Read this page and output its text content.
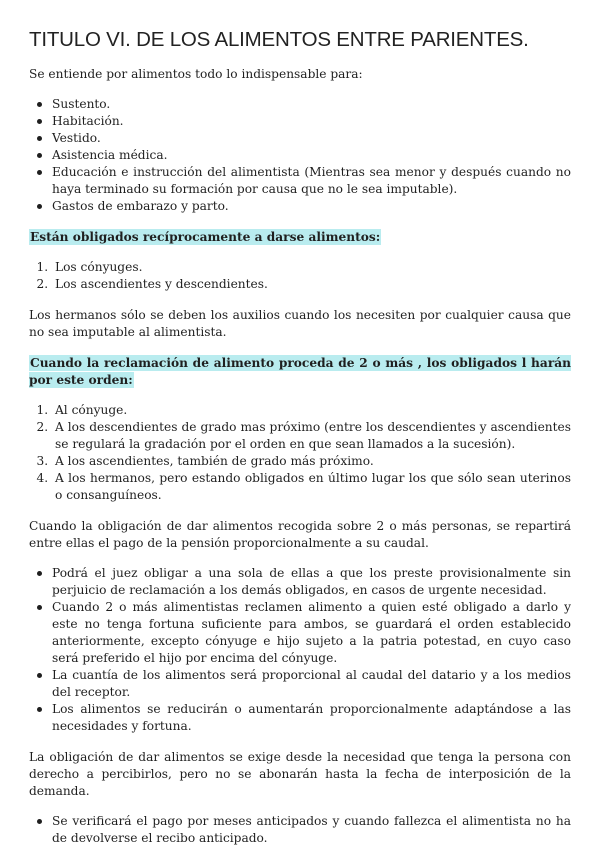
TITULO VI. DE LOS ALIMENTOS ENTRE PARIENTES.

Se entiende por alimentos todo lo indispensable para:

Sustento.
Habitación.
Vestido.
Asistencia médica.
Educación e instrucción del alimentista (Mientras sea menor y después cuando no haya terminado su formación por causa que no le sea imputable).
Gastos de embarazo y parto.

Están obligados recíprocamente a darse alimentos:

1. Los cónyuges.
2. Los ascendientes y descendientes.

Los hermanos sólo se deben los auxilios cuando los necesiten por cualquier causa que no sea imputable al alimentista.

Cuando la reclamación de alimento proceda de 2 o más , los obligados l harán por este orden:

1. Al cónyuge.
2. A los descendientes de grado mas próximo (entre los descendientes y ascendientes se regulará la gradación por el orden en que sean llamados a la sucesión).
3. A los ascendientes, también de grado más próximo.
4. A los hermanos, pero estando obligados en último lugar los que sólo sean uterinos o consanguíneos.

Cuando la obligación de dar alimentos recogida sobre 2 o más personas, se repartirá entre ellas el pago de la pensión proporcionalmente a su caudal.

Podrá el juez obligar a una sola de ellas a que los preste provisionalmente sin perjuicio de reclamación a los demás obligados, en casos de urgente necesidad.
Cuando 2 o más alimentistas reclamen alimento a quien esté obligado a darlo y este no tenga fortuna suficiente para ambos, se guardará el orden establecido anteriormente, excepto cónyuge e hijo sujeto a la patria potestad, en cuyo caso será preferido el hijo por encima del cónyuge.
La cuantía de los alimentos será proporcional al caudal del datario y a los medios del receptor.
Los alimentos se reducirán o aumentarán proporcionalmente adaptándose a las necesidades y fortuna.

La obligación de dar alimentos se exige desde la necesidad que tenga la persona con derecho a percibirlos, pero no se abonarán hasta la fecha de interposición de la demanda.

Se verificará el pago por meses anticipados y cuando fallezca el alimentista no ha de devolverse el recibo anticipado.
